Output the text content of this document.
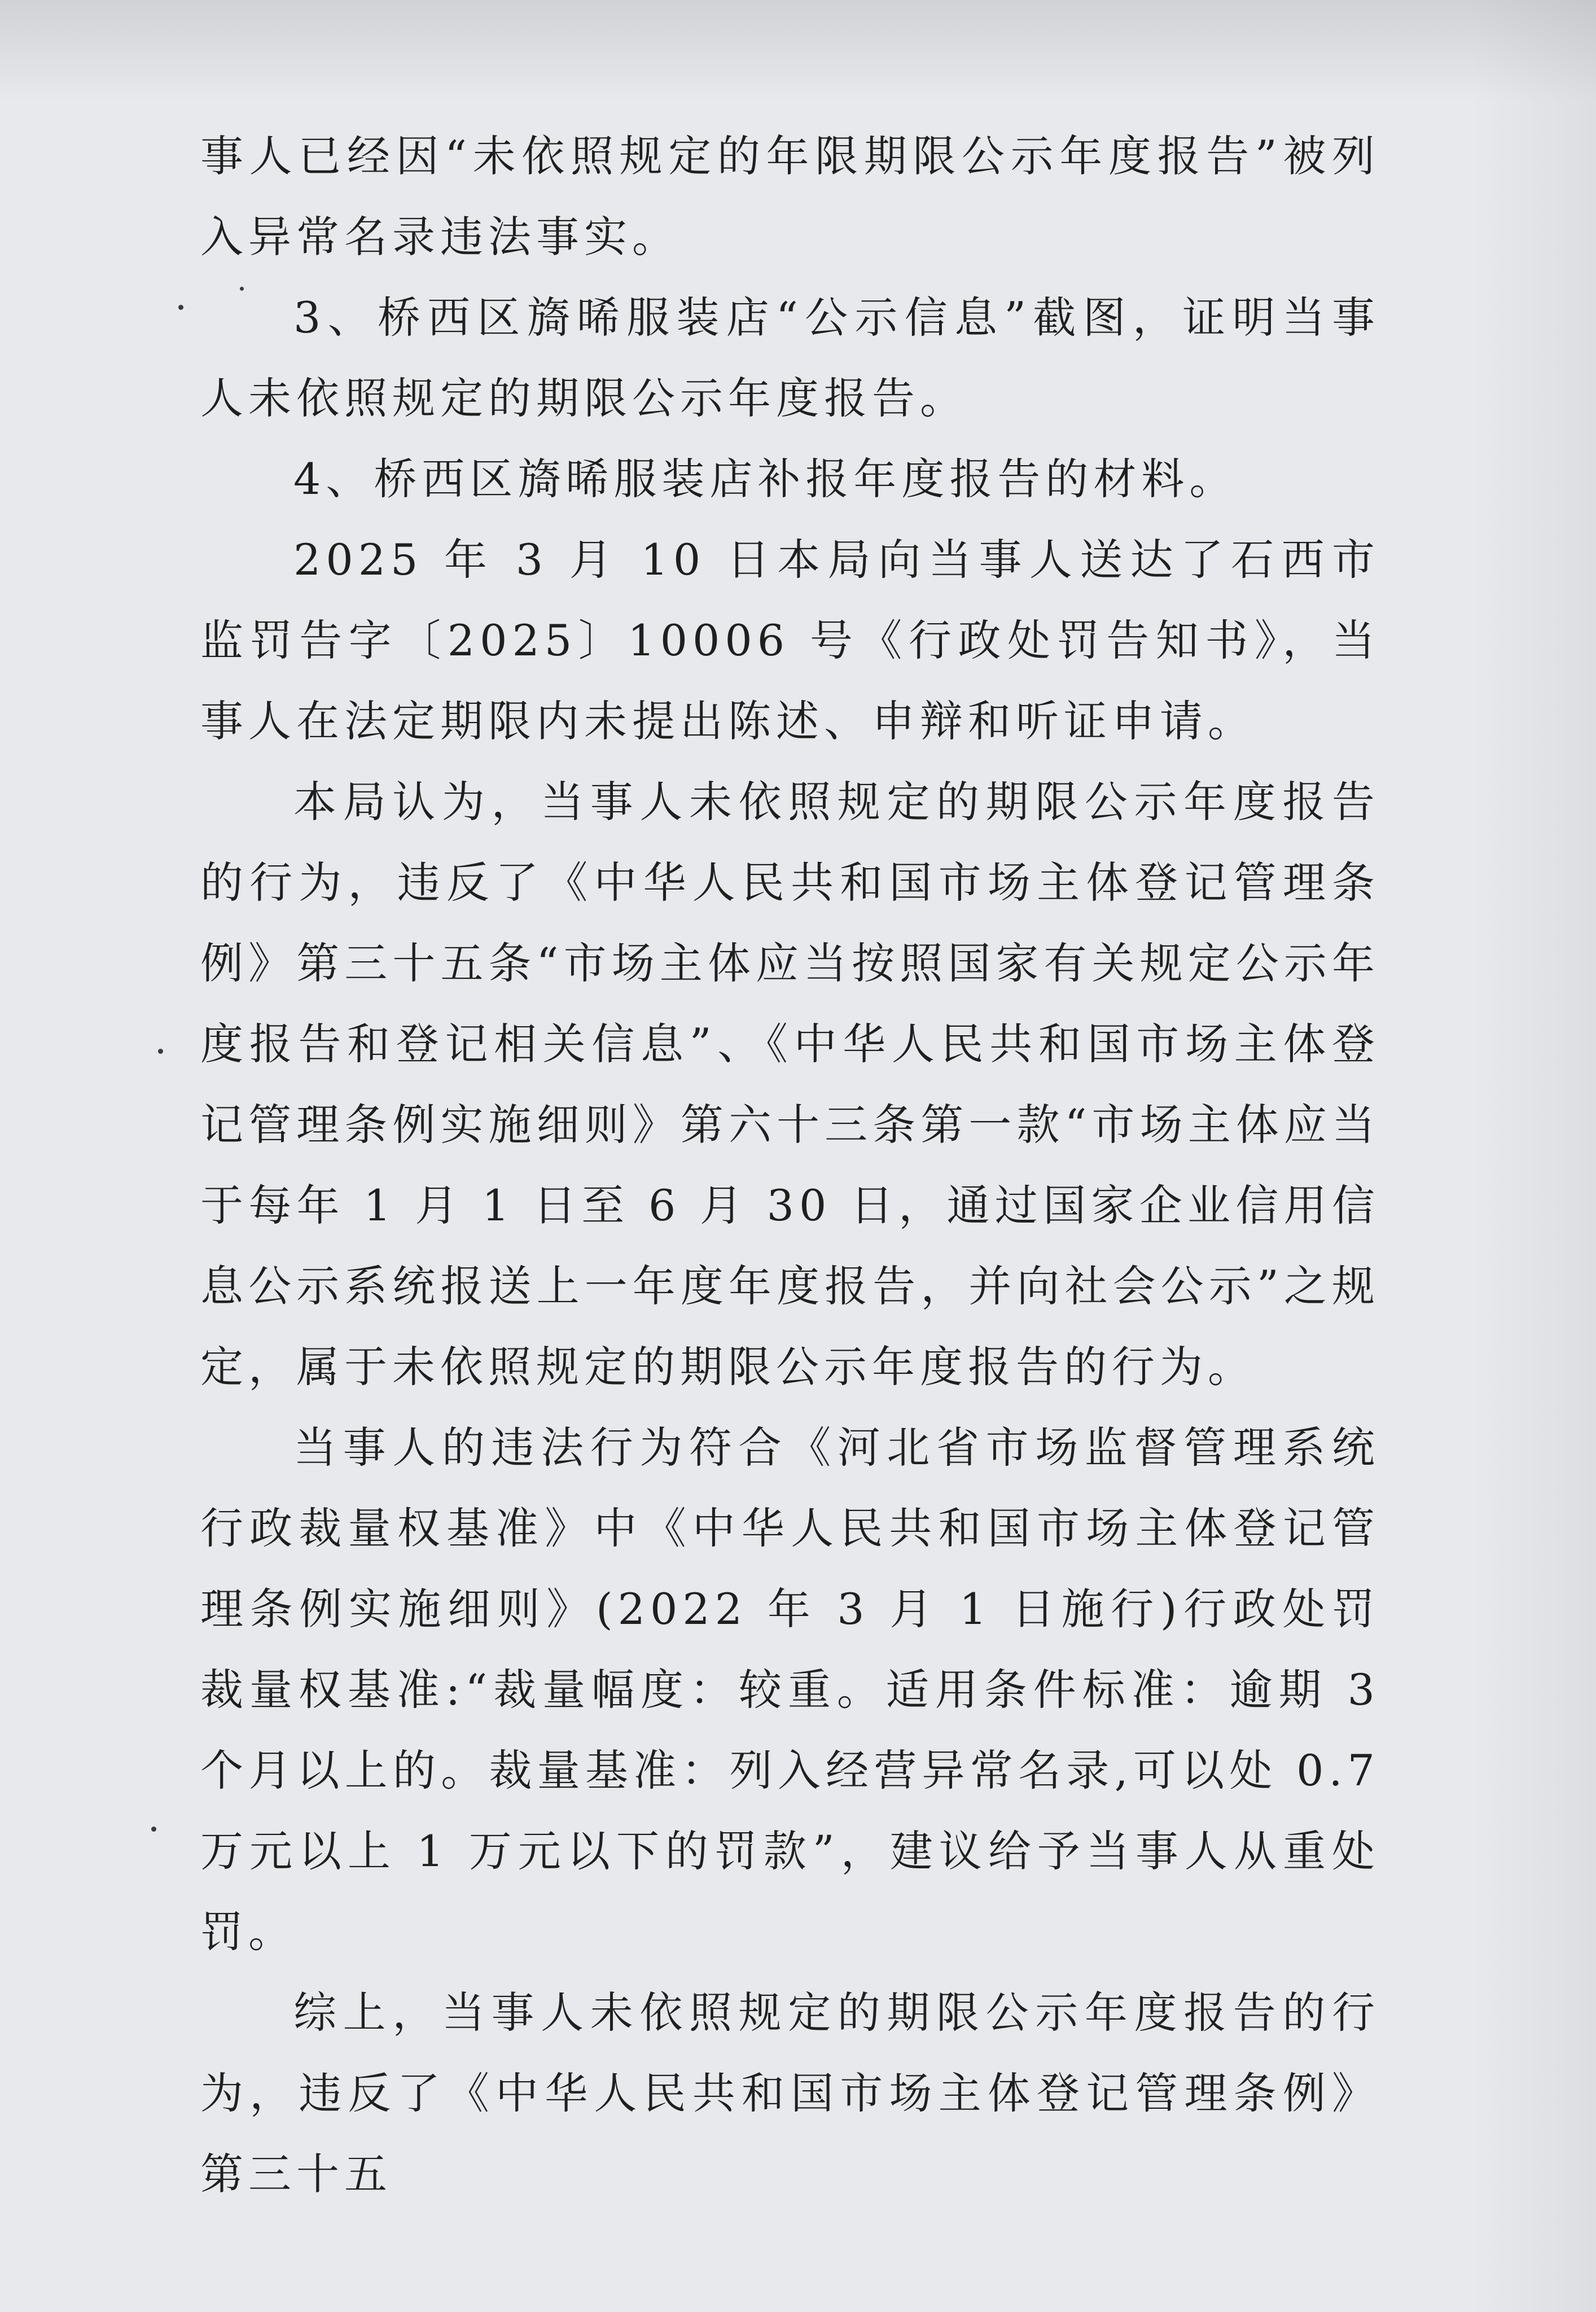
事人已经因“未依照规定的年限期限公示年度报告”被列入异常名录违法事实。

3、桥西区旖晞服装店“公示信息”截图，证明当事人未依照规定的期限公示年度报告。

4、桥西区旖晞服装店补报年度报告的材料。

2025 年 3 月 10 日本局向当事人送达了石西市监罚告字〔2025〕10006 号《行政处罚告知书》，当事人在法定期限内未提出陈述、申辩和听证申请。

本局认为，当事人未依照规定的期限公示年度报告的行为，违反了《中华人民共和国市场主体登记管理条例》第三十五条“市场主体应当按照国家有关规定公示年度报告和登记相关信息”、《中华人民共和国市场主体登记管理条例实施细则》第六十三条第一款“市场主体应当于每年 1 月 1 日至 6 月 30 日，通过国家企业信用信息公示系统报送上一年度年度报告，并向社会公示”之规定，属于未依照规定的期限公示年度报告的行为。

当事人的违法行为符合《河北省市场监督管理系统行政裁量权基准》中《中华人民共和国市场主体登记管理条例实施细则》(2022 年 3 月 1 日施行)行政处罚裁量权基准:“裁量幅度：较重。适用条件标准：逾期 3 个月以上的。裁量基准：列入经营异常名录,可以处 0.7 万元以上 1 万元以下的罚款”，建议给予当事人从重处罚。

综上，当事人未依照规定的期限公示年度报告的行为，违反了《中华人民共和国市场主体登记管理条例》第三十五
